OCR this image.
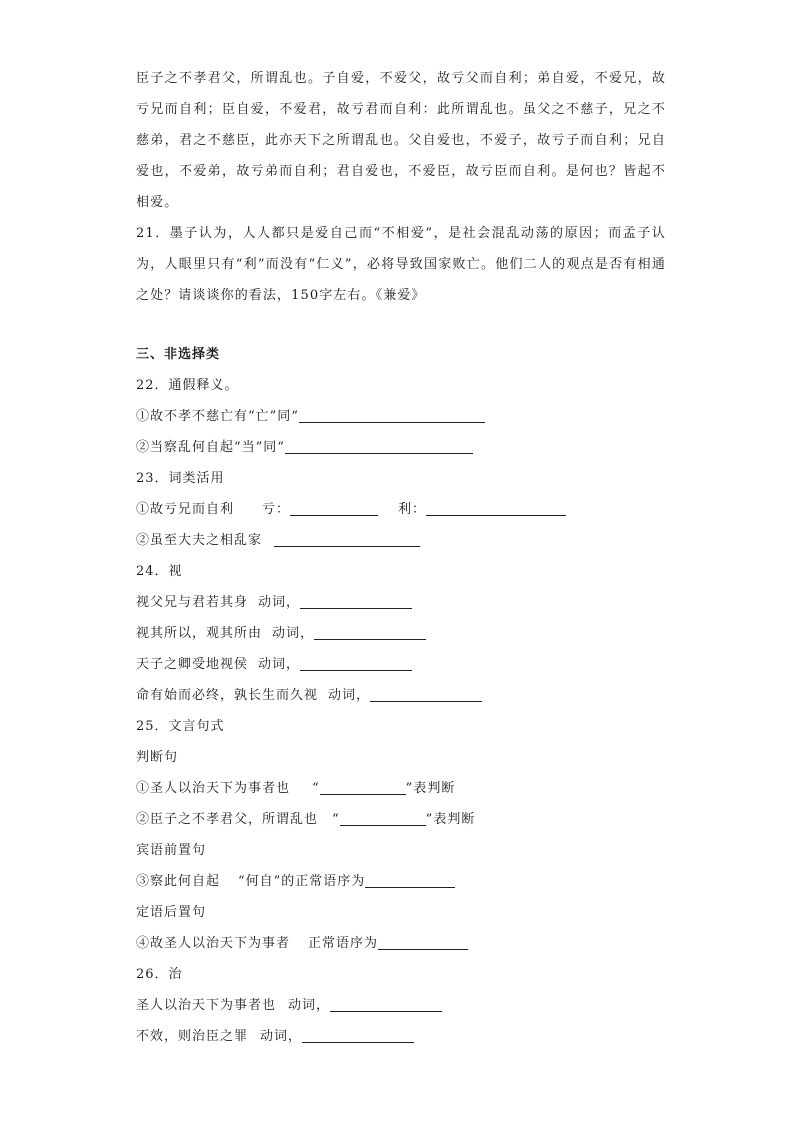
臣子之不孝君父，所谓乱也。子自爱，不爱父，故亏父而自利；弟自爱，不爱兄，故亏兄而自利；臣自爱，不爱君，故亏君而自利：此所谓乱也。虽父之不慈子，兄之不慈弟，君之不慈臣，此亦天下之所谓乱也。父自爱也，不爱子，故亏子而自利；兄自爱也，不爱弟，故亏弟而自利；君自爱也，不爱臣，故亏臣而自利。是何也？皆起不相爱。

21．墨子认为，人人都只是爱自己而“不相爱”，是社会混乱动荡的原因；而孟子认为，人眼里只有“利”而没有“仁义”，必将导致国家败亡。他们二人的观点是否有相通之处？请谈谈你的看法，150字左右。《兼爱》

三、非选择类
22．通假释义。
①故不孝不慈亡有“亡”同“
②当察乱何自起“当”同“
23．词类活用
①故亏兄而自利 亏：	利：
②虽至大夫之相乱家
24．视
视父兄与君若其身 动词，
视其所以，观其所由 动词，
天子之卿受地视侯 动词，
命有始而必终，孰长生而久视 动词，
25．文言句式
判断句
①圣人以治天下为事者也 “	”表判断
②臣子之不孝君父，所谓乱也 “	”表判断
宾语前置句
③察此何自起 “何自”的正常语序为
定语后置句
④故圣人以治天下为事者 正常语序为
26．治
圣人以治天下为事者也 动词，
不效，则治臣之罪 动词，
